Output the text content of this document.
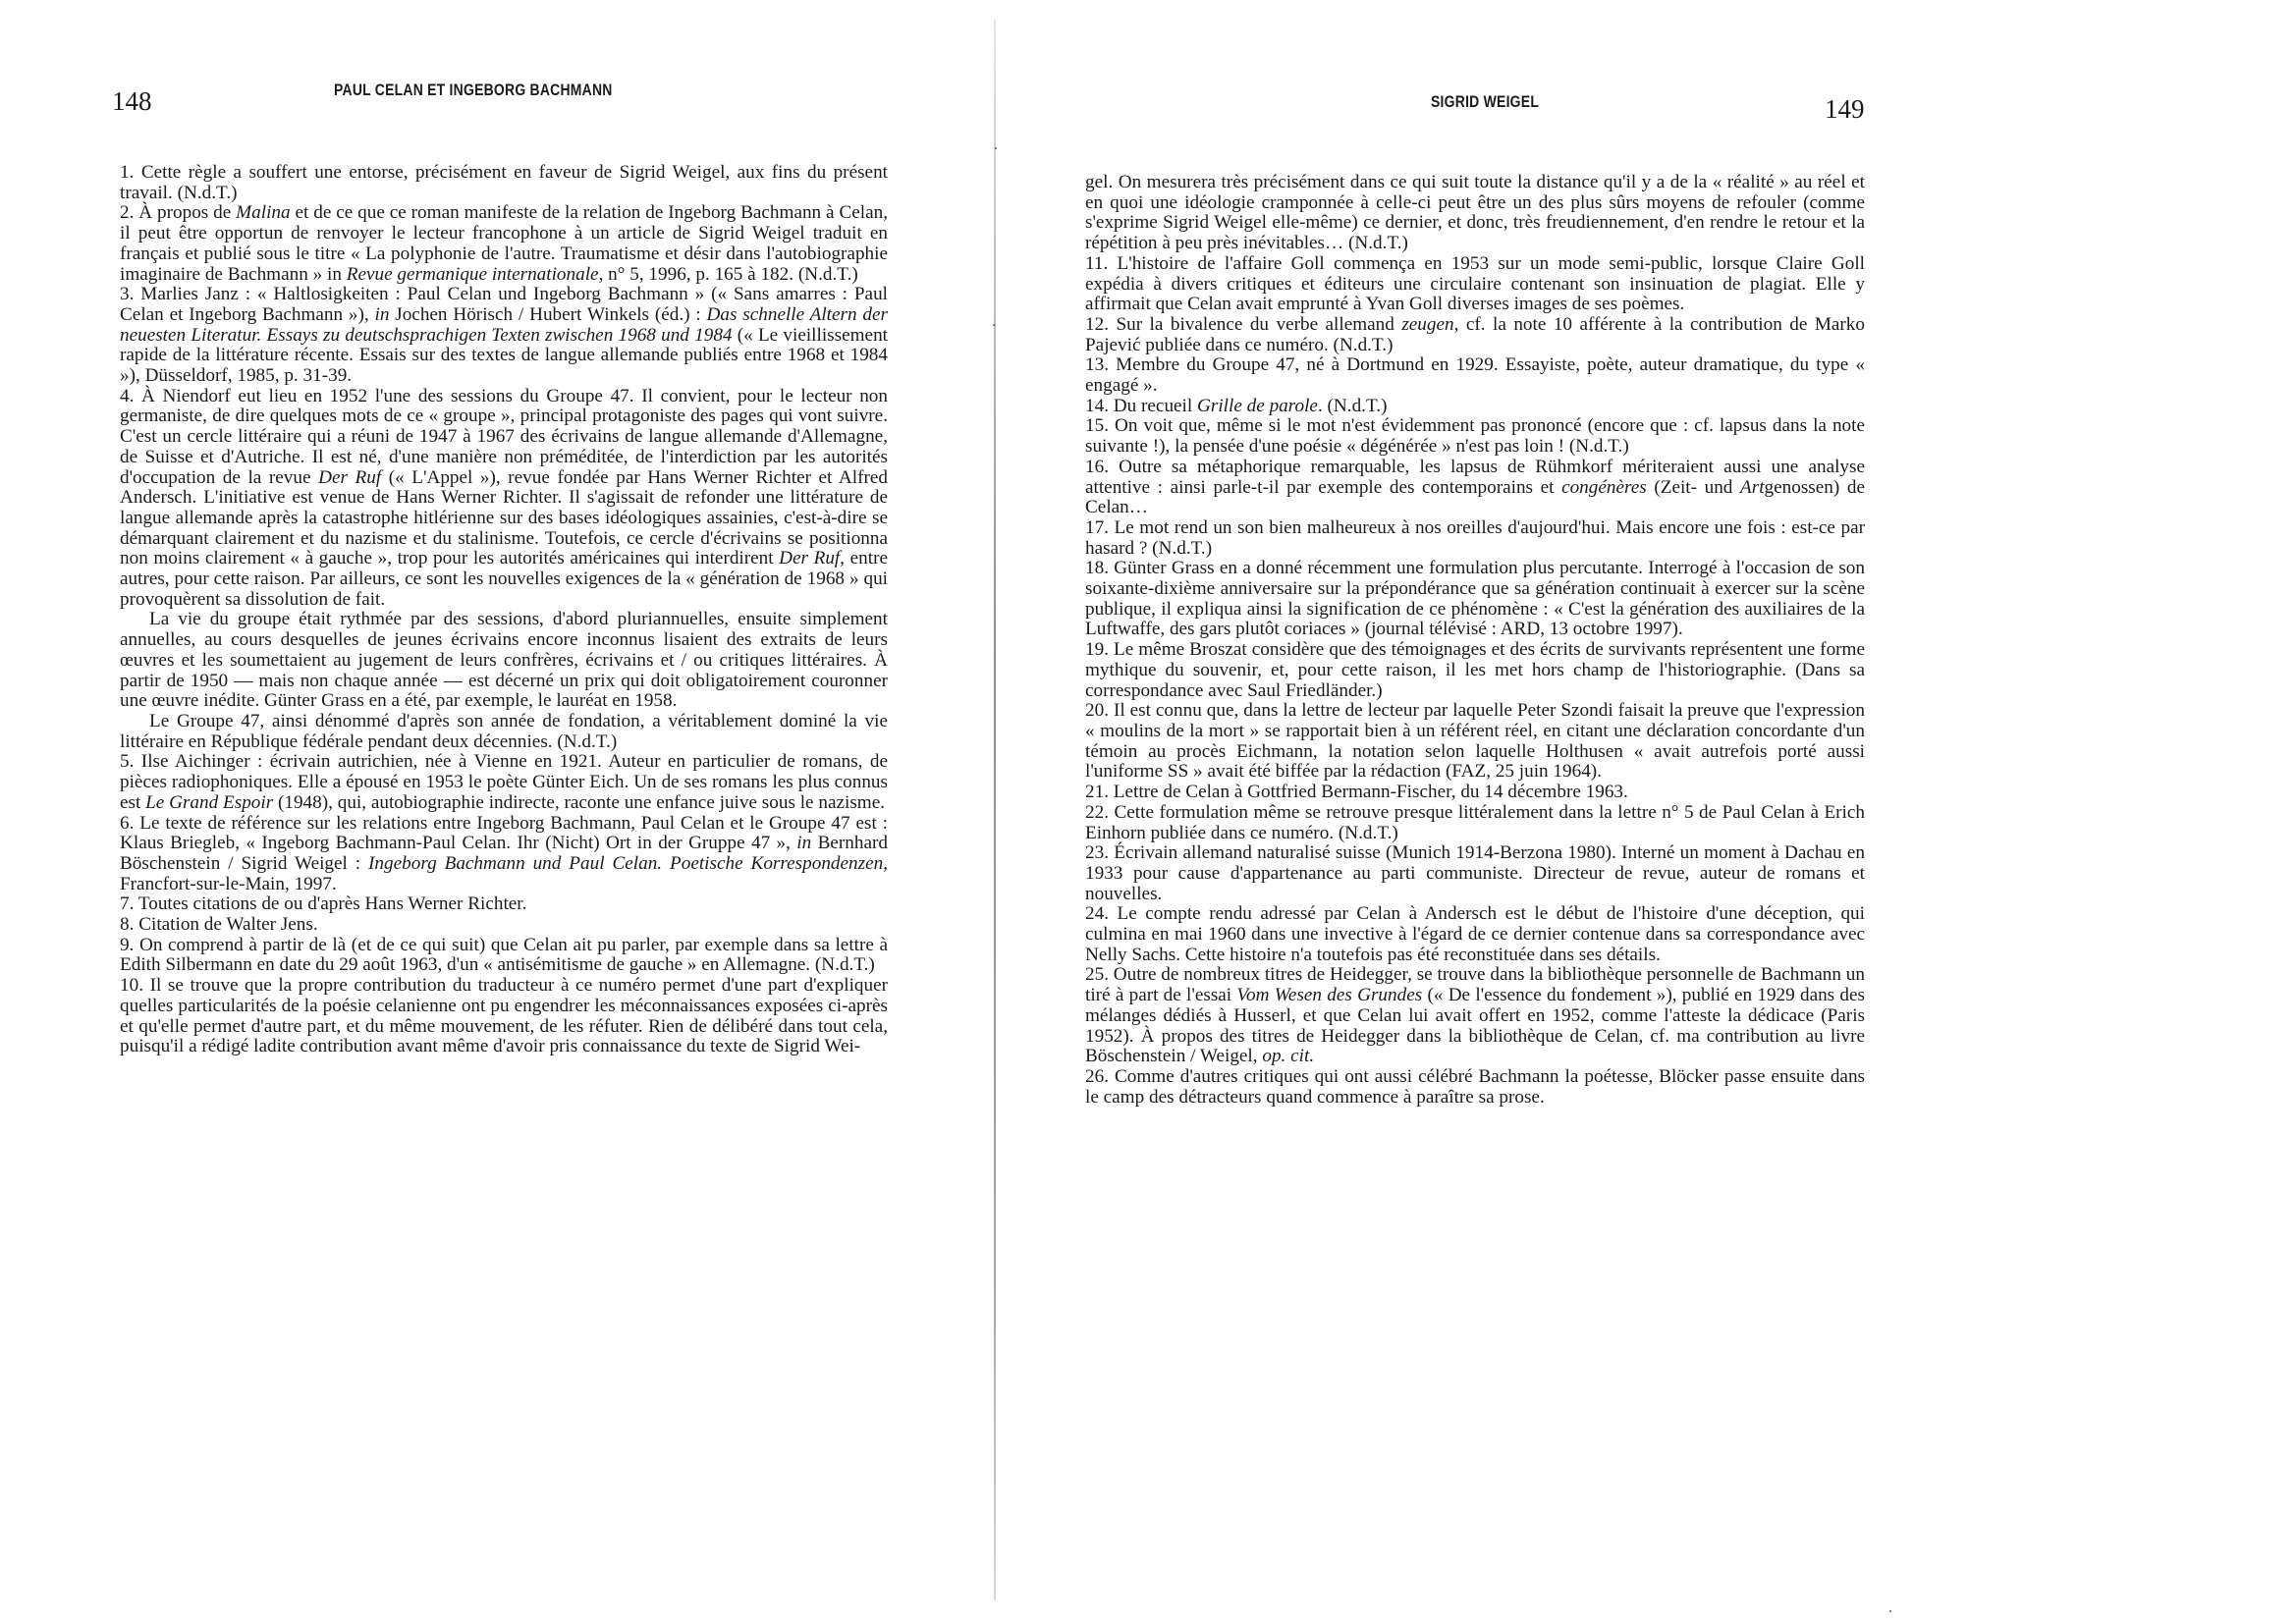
148	PAUL CELAN ET INGEBORG BACHMANN

1. Cette règle a souffert une entorse, précisément en faveur de Sigrid Weigel, aux fins du présent travail. (N.d.T.)

2. À propos de Malina et de ce que ce roman manifeste de la relation de Ingeborg Bachmann à Celan, il peut être opportun de renvoyer le lecteur francophone à un article de Sigrid Weigel traduit en français et publié sous le titre « La polyphonie de l'autre. Traumatisme et désir dans l'autobiographie imaginaire de Bachmann » in Revue germanique internationale, n° 5, 1996, p. 165 à 182. (N.d.T.)

3. Marlies Janz : « Haltlosigkeiten : Paul Celan und Ingeborg Bachmann » (« Sans amarres : Paul Celan et Ingeborg Bachmann »), in Jochen Hörisch / Hubert Winkels (éd.) : Das schnelle Altern der neuesten Literatur. Essays zu deutschsprachigen Texten zwischen 1968 und 1984 (« Le vieillissement rapide de la littérature récente. Essais sur des textes de langue allemande publiés entre 1968 et 1984 »), Düsseldorf, 1985, p. 31-39.

4. À Niendorf eut lieu en 1952 l'une des sessions du Groupe 47. Il convient, pour le lecteur non germaniste, de dire quelques mots de ce « groupe », principal protagoniste des pages qui vont suivre. C'est un cercle littéraire qui a réuni de 1947 à 1967 des écrivains de langue allemande d'Allemagne, de Suisse et d'Autriche. Il est né, d'une manière non préméditée, de l'interdiction par les autorités d'occupation de la revue Der Ruf (« L'Appel »), revue fondée par Hans Werner Richter et Alfred Andersch. L'initiative est venue de Hans Werner Richter. Il s'agissait de refonder une littérature de langue allemande après la catastrophe hitlérienne sur des bases idéologiques assainies, c'est-à-dire se démarquant clairement et du nazisme et du stalinisme. Toutefois, ce cercle d'écrivains se positionna non moins clairement « à gauche », trop pour les autorités américaines qui interdirent Der Ruf, entre autres, pour cette raison. Par ailleurs, ce sont les nouvelles exigences de la « génération de 1968 » qui provoquèrent sa dissolution de fait.

La vie du groupe était rythmée par des sessions, d'abord pluriannuelles, ensuite simplement annuelles, au cours desquelles de jeunes écrivains encore inconnus lisaient des extraits de leurs œuvres et les soumettaient au jugement de leurs confrères, écrivains et / ou critiques littéraires. À partir de 1950 — mais non chaque année — est décerné un prix qui doit obligatoirement couronner une œuvre inédite. Günter Grass en a été, par exemple, le lauréat en 1958.

Le Groupe 47, ainsi dénommé d'après son année de fondation, a véritablement dominé la vie littéraire en République fédérale pendant deux décennies. (N.d.T.)

5. Ilse Aichinger : écrivain autrichien, née à Vienne en 1921. Auteur en particulier de romans, de pièces radiophoniques. Elle a épousé en 1953 le poète Günter Eich. Un de ses romans les plus connus est Le Grand Espoir (1948), qui, autobiographie indirecte, raconte une enfance juive sous le nazisme.

6. Le texte de référence sur les relations entre Ingeborg Bachmann, Paul Celan et le Groupe 47 est : Klaus Briegleb, « Ingeborg Bachmann-Paul Celan. Ihr (Nicht) Ort in der Gruppe 47 », in Bernhard Böschenstein / Sigrid Weigel : Ingeborg Bachmann und Paul Celan. Poetische Korrespondenzen, Francfort-sur-le-Main, 1997.

7. Toutes citations de ou d'après Hans Werner Richter.

8. Citation de Walter Jens.

9. On comprend à partir de là (et de ce qui suit) que Celan ait pu parler, par exemple dans sa lettre à Edith Silbermann en date du 29 août 1963, d'un « antisémitisme de gauche » en Allemagne. (N.d.T.)

10. Il se trouve que la propre contribution du traducteur à ce numéro permet d'une part d'expliquer quelles particularités de la poésie celanienne ont pu engendrer les méconnaissances exposées ci-après et qu'elle permet d'autre part, et du même mouvement, de les réfuter. Rien de délibéré dans tout cela, puisqu'il a rédigé ladite contribution avant même d'avoir pris connaissance du texte de Sigrid Wei-

SIGRID WEIGEL	149

gel. On mesurera très précisément dans ce qui suit toute la distance qu'il y a de la « réalité » au réel et en quoi une idéologie cramponnée à celle-ci peut être un des plus sûrs moyens de refouler (comme s'exprime Sigrid Weigel elle-même) ce dernier, et donc, très freudiennement, d'en rendre le retour et la répétition à peu près inévitables… (N.d.T.)

11. L'histoire de l'affaire Goll commença en 1953 sur un mode semi-public, lorsque Claire Goll expédia à divers critiques et éditeurs une circulaire contenant son insinuation de plagiat. Elle y affirmait que Celan avait emprunté à Yvan Goll diverses images de ses poèmes.

12. Sur la bivalence du verbe allemand zeugen, cf. la note 10 afférente à la contribution de Marko Pajević publiée dans ce numéro. (N.d.T.)

13. Membre du Groupe 47, né à Dortmund en 1929. Essayiste, poète, auteur dramatique, du type « engagé ».

14. Du recueil Grille de parole. (N.d.T.)

15. On voit que, même si le mot n'est évidemment pas prononcé (encore que : cf. lapsus dans la note suivante !), la pensée d'une poésie « dégénérée » n'est pas loin ! (N.d.T.)

16. Outre sa métaphorique remarquable, les lapsus de Rühmkorf mériteraient aussi une analyse attentive : ainsi parle-t-il par exemple des contemporains et congénères (Zeit- und Artgenossen) de Celan…

17. Le mot rend un son bien malheureux à nos oreilles d'aujourd'hui. Mais encore une fois : est-ce par hasard ? (N.d.T.)

18. Günter Grass en a donné récemment une formulation plus percutante. Interrogé à l'occasion de son soixante-dixième anniversaire sur la prépondérance que sa génération continuait à exercer sur la scène publique, il expliqua ainsi la signification de ce phénomène : « C'est la génération des auxiliaires de la Luftwaffe, des gars plutôt coriaces » (journal télévisé : ARD, 13 octobre 1997).

19. Le même Broszat considère que des témoignages et des écrits de survivants représentent une forme mythique du souvenir, et, pour cette raison, il les met hors champ de l'historiographie. (Dans sa correspondance avec Saul Friedländer.)

20. Il est connu que, dans la lettre de lecteur par laquelle Peter Szondi faisait la preuve que l'expression « moulins de la mort » se rapportait bien à un référent réel, en citant une déclaration concordante d'un témoin au procès Eichmann, la notation selon laquelle Holthusen « avait autrefois porté aussi l'uniforme SS » avait été biffée par la rédaction (FAZ, 25 juin 1964).

21. Lettre de Celan à Gottfried Bermann-Fischer, du 14 décembre 1963.

22. Cette formulation même se retrouve presque littéralement dans la lettre n° 5 de Paul Celan à Erich Einhorn publiée dans ce numéro. (N.d.T.)

23. Écrivain allemand naturalisé suisse (Munich 1914-Berzona 1980). Interné un moment à Dachau en 1933 pour cause d'appartenance au parti communiste. Directeur de revue, auteur de romans et nouvelles.

24. Le compte rendu adressé par Celan à Andersch est le début de l'histoire d'une déception, qui culmina en mai 1960 dans une invective à l'égard de ce dernier contenue dans sa correspondance avec Nelly Sachs. Cette histoire n'a toutefois pas été reconstituée dans ses détails.

25. Outre de nombreux titres de Heidegger, se trouve dans la bibliothèque personnelle de Bachmann un tiré à part de l'essai Vom Wesen des Grundes (« De l'essence du fondement »), publié en 1929 dans des mélanges dédiés à Husserl, et que Celan lui avait offert en 1952, comme l'atteste la dédicace (Paris 1952). À propos des titres de Heidegger dans la bibliothèque de Celan, cf. ma contribution au livre Böschenstein / Weigel, op. cit.

26. Comme d'autres critiques qui ont aussi célébré Bachmann la poétesse, Blöcker passe ensuite dans le camp des détracteurs quand commence à paraître sa prose.
